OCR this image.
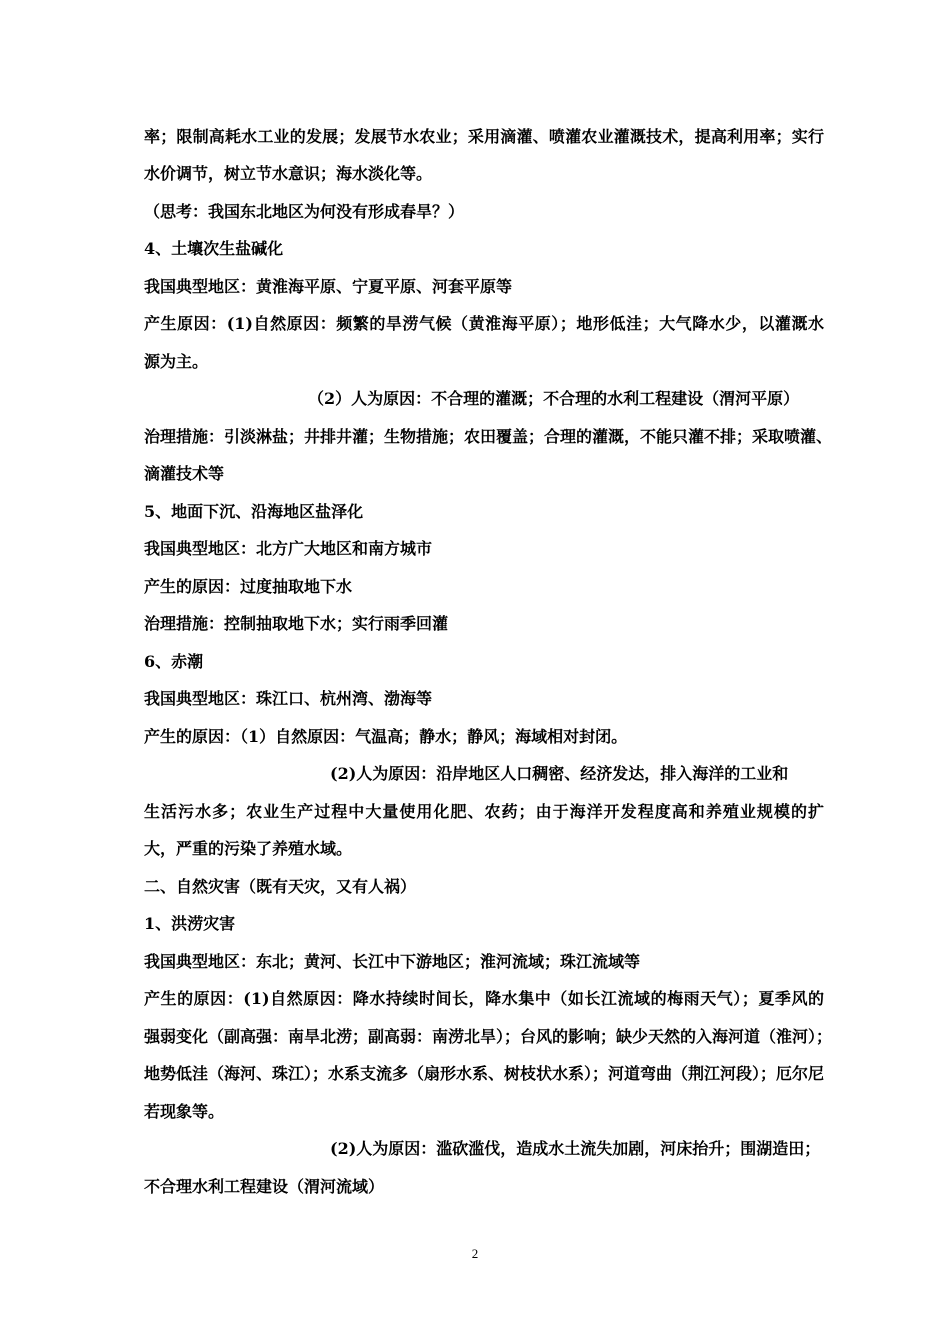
率；限制高耗水工业的发展；发展节水农业；采用滴灌、喷灌农业灌溉技术，提高利用率；实行
水价调节，树立节水意识；海水淡化等。
（思考：我国东北地区为何没有形成春旱？）
4、土壤次生盐碱化
我国典型地区：黄淮海平原、宁夏平原、河套平原等
产生原因：(1)自然原因：频繁的旱涝气候（黄淮海平原）；地形低洼；大气降水少，以灌溉水
源为主。
（2）人为原因：不合理的灌溉；不合理的水利工程建设（渭河平原）
治理措施：引淡淋盐；井排井灌；生物措施；农田覆盖；合理的灌溉，不能只灌不排；采取喷灌、
滴灌技术等
5、地面下沉、沿海地区盐泽化
我国典型地区：北方广大地区和南方城市
产生的原因：过度抽取地下水
治理措施：控制抽取地下水；实行雨季回灌
6、赤潮
我国典型地区：珠江口、杭州湾、渤海等
产生的原因：（1）自然原因：气温高；静水；静风；海域相对封闭。
(2)人为原因：沿岸地区人口稠密、经济发达，排入海洋的工业和
生活污水多；农业生产过程中大量使用化肥、农药；由于海洋开发程度高和养殖业规模的扩
大，严重的污染了养殖水域。
二、自然灾害（既有天灾，又有人祸）
1、洪涝灾害
我国典型地区：东北；黄河、长江中下游地区；淮河流域；珠江流域等
产生的原因：(1)自然原因：降水持续时间长，降水集中（如长江流域的梅雨天气）；夏季风的
强弱变化（副高强：南旱北涝；副高弱：南涝北旱）；台风的影响；缺少天然的入海河道（淮河）；
地势低洼（海河、珠江）；水系支流多（扇形水系、树枝状水系）；河道弯曲（荆江河段）；厄尔尼
若现象等。
(2)人为原因：滥砍滥伐，造成水土流失加剧，河床抬升；围湖造田；
不合理水利工程建设（渭河流域）
2
